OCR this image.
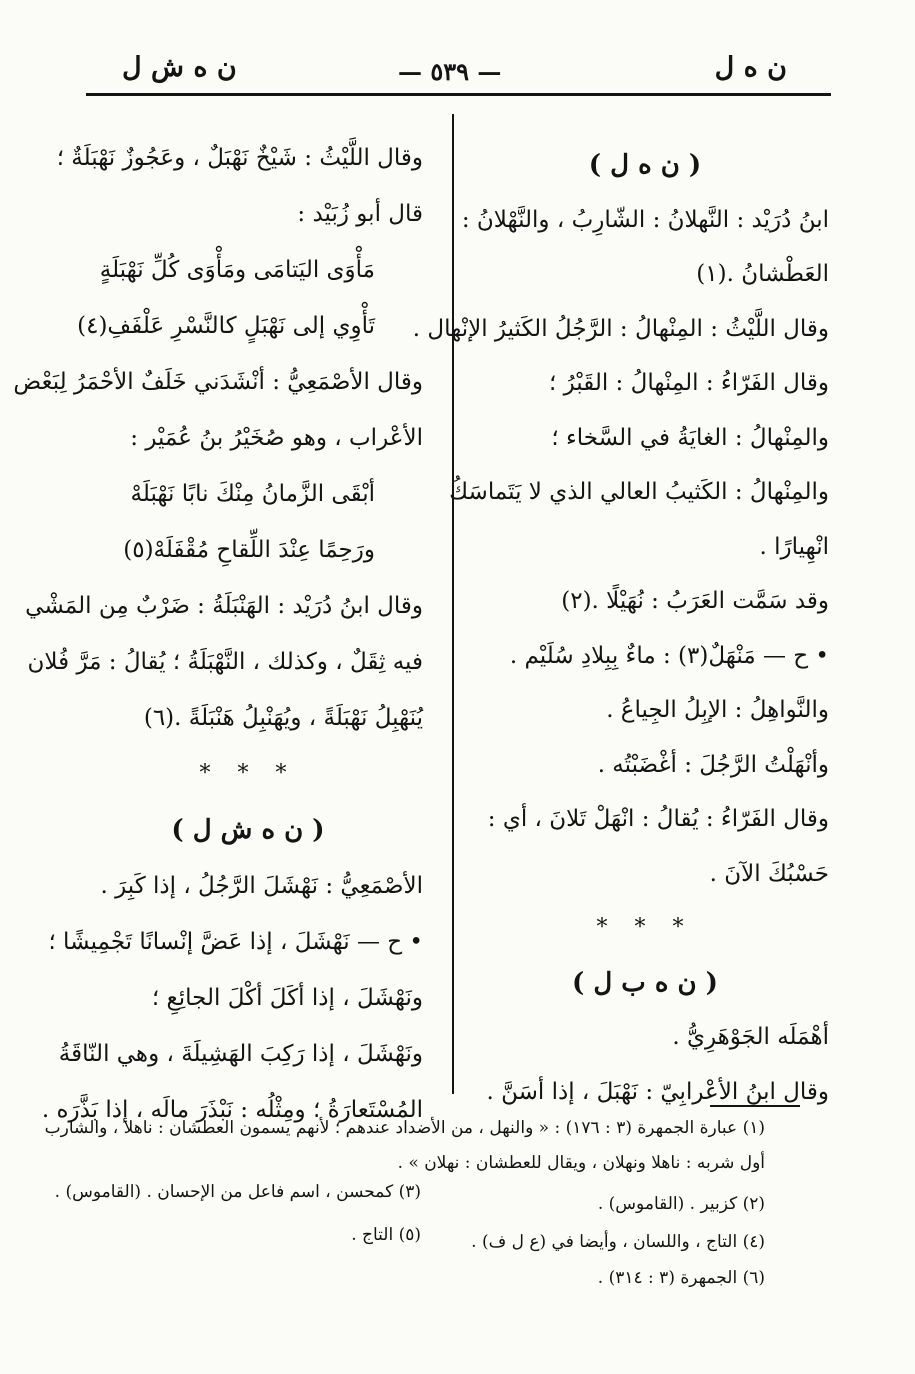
ن ه ل
— ٥٣٩ —
ن ه ش ل
( ن ه ل )
ابنُ دُرَيْد : النَّهلانُ : الشّارِبُ ، والنَّهْلانُ :
العَطْشانُ .(١)
وقال اللَّيْثُ : المِنْهالُ : الرَّجُلُ الكَثيرُ الإنْهال .
وقال الفَرّاءُ : المِنْهالُ : القَبْرُ ؛
والمِنْهالُ : الغايَةُ في السَّخاء ؛
والمِنْهالُ : الكَثيبُ العالي الذي لا يَتَماسَكُ
انْهِيارًا .
وقد سَمَّت العَرَبُ : نُهَيْلًا .(٢)
• ح — مَنْهَلٌ(٣) : ماءٌ بِبِلادِ سُلَيْم .
والنَّواهِلُ : الإبِلُ الجِياعُ .
وأنْهَلْتُ الرَّجُلَ : أغْضَبْتُه .
وقال الفَرّاءُ : يُقالُ : انْهَلْ تَلانَ ، أي :
حَسْبُكَ الآنَ .
* * *
( ن ه ب ل )
أهْمَلَه الجَوْهَرِيُّ .
وقال ابنُ الأعْرابِيّ : نَهْبَلَ ، إذا أسَنَّ .
وقال اللَّيْثُ : شَيْخٌ نَهْبَلٌ ، وعَجُوزٌ نَهْبَلَةٌ ؛
قال أبو زُبَيْد :
مَأْوَى اليَتامَى ومَأْوَى كُلِّ نَهْبَلَةٍ
تَأْوِي إلى نَهْبَلٍ كالنَّسْرِ عَلْفَفِ(٤)
وقال الأصْمَعِيُّ : أنْشَدَني خَلَفٌ الأحْمَرُ لِبَعْض
الأعْراب ، وهو صُخَيْرُ بنُ عُمَيْر :
أبْقَى الزَّمانُ مِنْكَ نابًا نَهْبَلَهْ
ورَحِمًا عِنْدَ اللِّقاحِ مُقْفَلَهْ(٥)
وقال ابنُ دُرَيْد : الهَنْبَلَةُ : ضَرْبٌ مِن المَشْي
فيه ثِقَلٌ ، وكذلك ، النَّهْبَلَةُ ؛ يُقالُ : مَرَّ فُلان
يُنَهْبِلُ نَهْبَلَةً ، ويُهَنْبِلُ هَنْبَلَةً .(٦)
* * *
( ن ه ش ل )
الأصْمَعِيُّ : نَهْشَلَ الرَّجُلُ ، إذا كَبِرَ .
• ح — نَهْشَلَ ، إذا عَضَّ إنْسانًا تَجْمِيشًا ؛
ونَهْشَلَ ، إذا أكَلَ أكْلَ الجائِعِ ؛
ونَهْشَلَ ، إذا رَكِبَ الهَشِيلَةَ ، وهي النّاقَةُ
المُسْتَعارَةُ ؛ ومِثْلُه : نَبْذَرَ مالَه ، إذا بَذَّرَه .
(١) عبارة الجمهرة (٣ : ١٧٦) : « والنهل ، من الأضداد عندهم ؛ لأنهم يسمون العطشان : ناهلا ، والشارب
أول شربه : ناهلا ونهلان ، ويقال للعطشان : نهلان » .
(٢) كزبير . (القاموس) .
(٣) كمحسن ، اسم فاعل من الإحسان . (القاموس) .
(٤) التاج ، واللسان ، وأيضا في (ع ل ف) .
(٥) التاج .
(٦) الجمهرة (٣ : ٣١٤) .
